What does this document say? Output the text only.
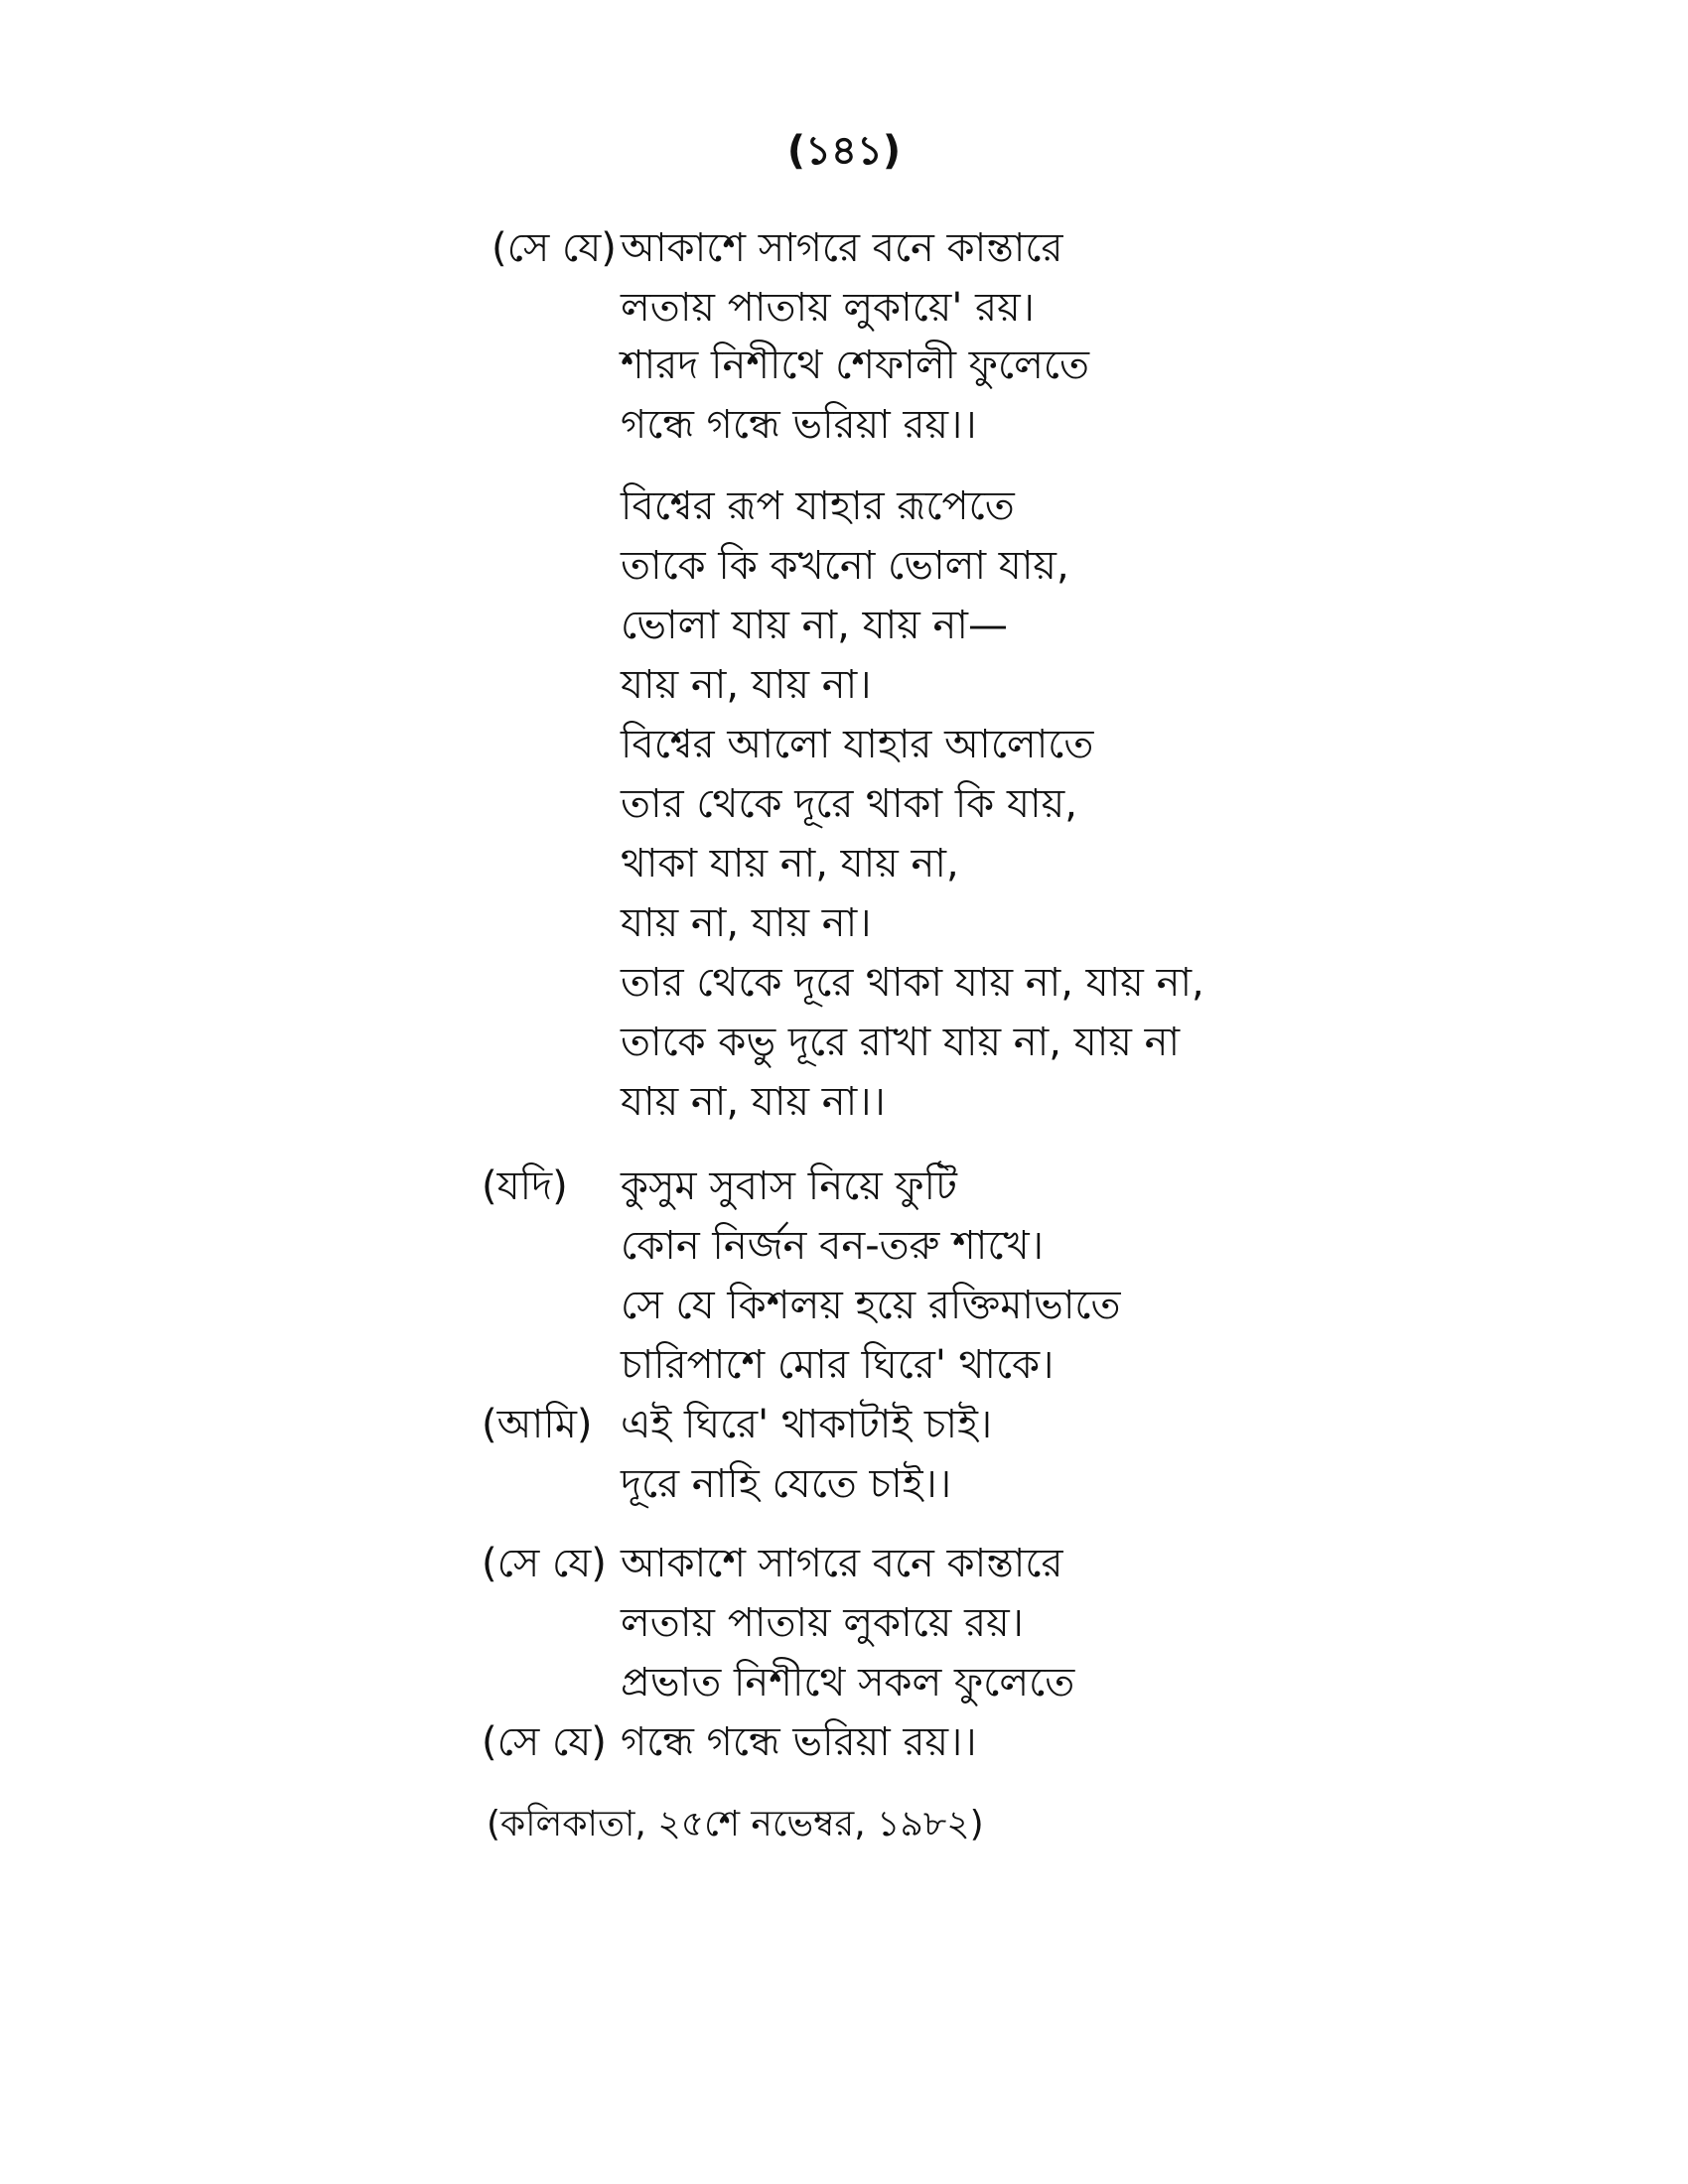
(১৪১)
(সে যে) আকাশে সাগরে বনে কান্তারে
লতায় পাতায় লুকায়ে' রয়।
শারদ নিশীথে শেফালী ফুলেতে
গন্ধে গন্ধে ভরিয়া রয়।।
বিশ্বের রূপ যাহার রূপেতে
তাকে কি কখনো ভোলা যায়,
ভোলা যায় না, যায় না—
যায় না, যায় না।
বিশ্বের আলো যাহার আলোতে
তার থেকে দূরে থাকা কি যায়,
থাকা যায় না, যায় না,
যায় না, যায় না।
তার থেকে দূরে থাকা যায় না, যায় না,
তাকে কভু দূরে রাখা যায় না, যায় না
যায় না, যায় না।।
(যদি) কুসুম সুবাস নিয়ে ফুটি
কোন নির্জন বন-তরু শাখে।
সে যে কিশলয় হয়ে রক্তিমাভাতে
চারিপাশে মোর ঘিরে' থাকে।
(আমি) এই ঘিরে' থাকাটাই চাই।
দূরে নাহি যেতে চাই।।
(সে যে) আকাশে সাগরে বনে কান্তারে
লতায় পাতায় লুকায়ে রয়।
প্রভাত নিশীথে সকল ফুলেতে
(সে যে) গন্ধে গন্ধে ভরিয়া রয়।।
(কলিকাতা, ২৫শে নভেম্বর, ১৯৮২)
